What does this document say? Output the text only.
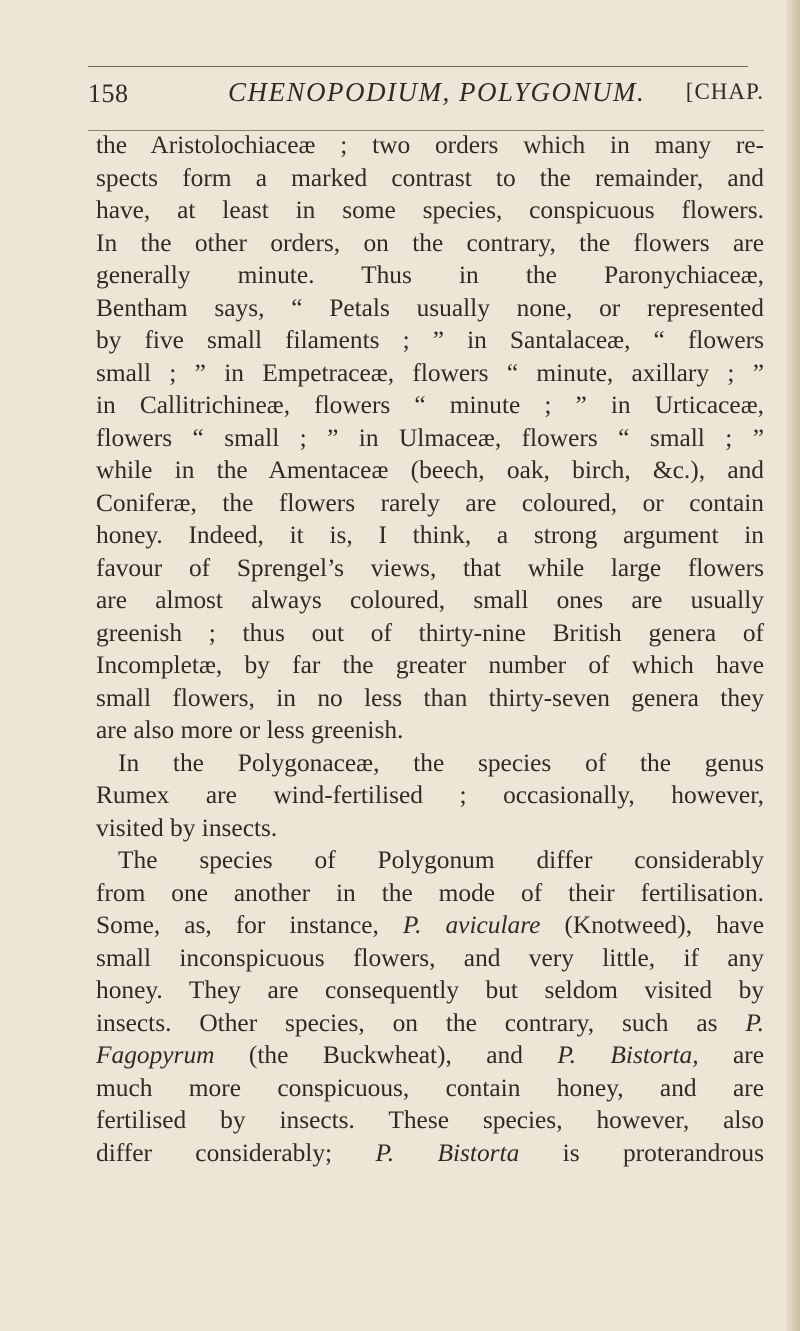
158	CHENOPODIUM, POLYGONUM. [CHAP.
the Aristolochiaceæ ; two orders which in many re-
spects form a marked contrast to the remainder, and
have, at least in some species, conspicuous flowers.
In the other orders, on the contrary, the flowers are
generally minute. Thus in the Paronychiaceæ,
Bentham says, “ Petals usually none, or represented
by five small filaments ; ” in Santalaceæ, “ flowers
small ; ” in Empetraceæ, flowers “ minute, axillary ; ”
in Callitrichineæ, flowers “ minute ; ” in Urticaceæ,
flowers “ small ; ” in Ulmaceæ, flowers “ small ; ”
while in the Amentaceæ (beech, oak, birch, &c.), and
Coniferæ, the flowers rarely are coloured, or contain
honey. Indeed, it is, I think, a strong argument in
favour of Sprengel’s views, that while large flowers
are almost always coloured, small ones are usually
greenish ; thus out of thirty-nine British genera of
Incompletæ, by far the greater number of which have
small flowers, in no less than thirty-seven genera they
are also more or less greenish.
In the Polygonaceæ, the species of the genus
Rumex are wind-fertilised ; occasionally, however,
visited by insects.
The species of Polygonum differ considerably
from one another in the mode of their fertilisation.
Some, as, for instance, P. aviculare (Knotweed), have
small inconspicuous flowers, and very little, if any
honey. They are consequently but seldom visited by
insects. Other species, on the contrary, such as P.
Fagopyrum (the Buckwheat), and P. Bistorta, are
much more conspicuous, contain honey, and are
fertilised by insects. These species, however, also
differ considerably; P. Bistorta is proterandrous
